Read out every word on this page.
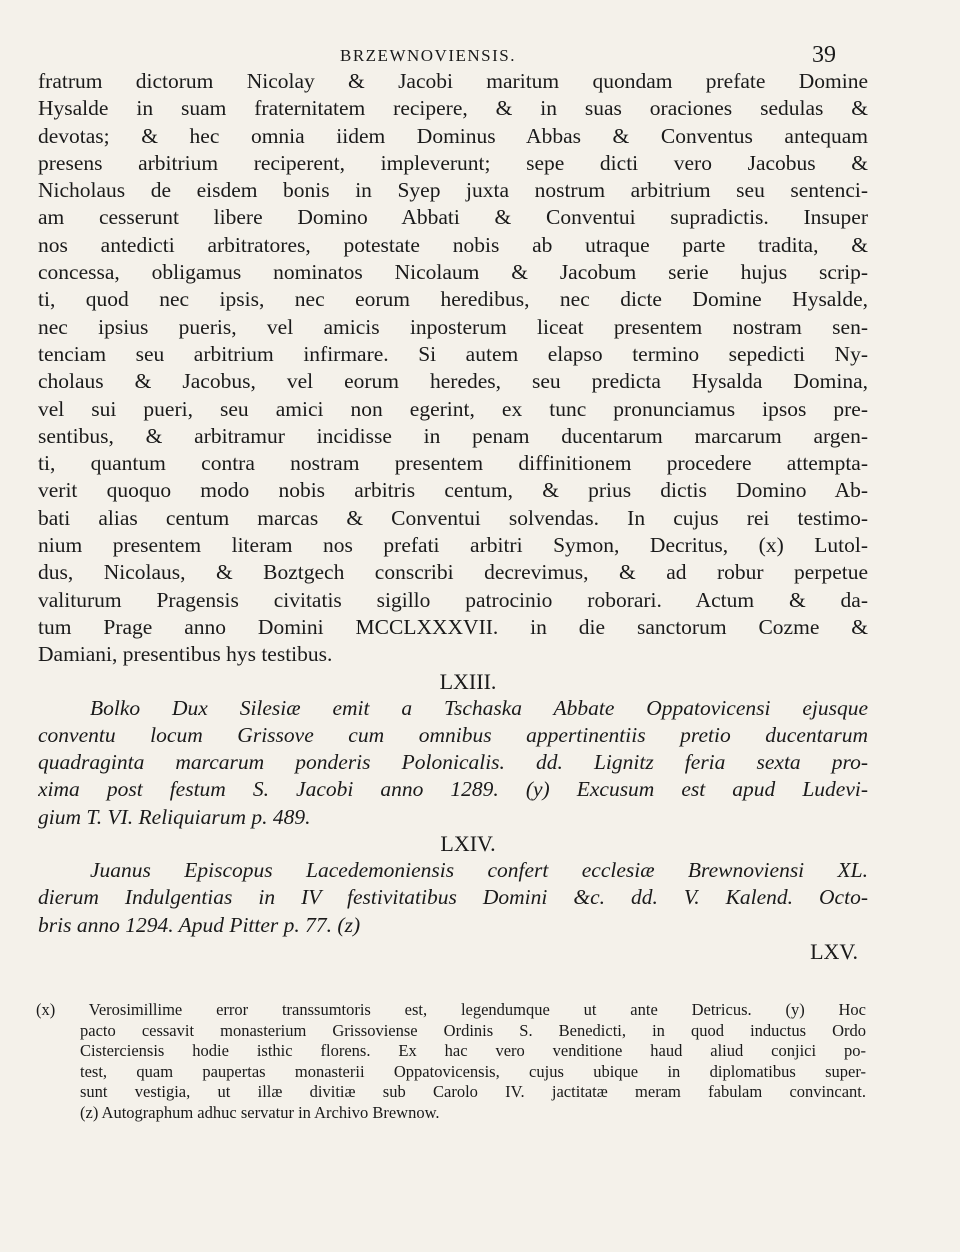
BRZEWNOVIENSIS.	39
fratrum dictorum Nicolay & Jacobi maritum quondam prefate Domine
Hysalde in suam fraternitatem recipere, & in suas oraciones sedulas &
devotas; & hec omnia iidem Dominus Abbas & Conventus antequam
presens arbitrium reciperent, impleverunt; sepe dicti vero Jacobus &
Nicholaus de eisdem bonis in Syep juxta nostrum arbitrium seu sentenci-
am cesserunt libere Domino Abbati & Conventui supradictis. Insuper
nos antedicti arbitratores, potestate nobis ab utraque parte tradita, &
concessa, obligamus nominatos Nicolaum & Jacobum serie hujus scrip-
ti, quod nec ipsis, nec eorum heredibus, nec dicte Domine Hysalde,
nec ipsius pueris, vel amicis inposterum liceat presentem nostram sen-
tenciam seu arbitrium infirmare. Si autem elapso termino sepedicti Ny-
cholaus & Jacobus, vel eorum heredes, seu predicta Hysalda Domina,
vel sui pueri, seu amici non egerint, ex tunc pronunciamus ipsos pre-
sentibus, & arbitramur incidisse in penam ducentarum marcarum argen-
ti, quantum contra nostram presentem diffinitionem procedere attempta-
verit quoquo modo nobis arbitris centum, & prius dictis Domino Ab-
bati alias centum marcas & Conventui solvendas. In cujus rei testimo-
nium presentem literam nos prefati arbitri Symon, Decritus, (x) Lutol-
dus, Nicolaus, & Boztgech conscribi decrevimus, & ad robur perpetue
valiturum Pragensis civitatis sigillo patrocinio roborari. Actum & da-
tum Prage anno Domini MCCLXXXVII. in die sanctorum Cozme &
Damiani, presentibus hys testibus.
LXIII.
Bolko Dux Silesiæ emit a Tschaska Abbate Oppatovicensi ejusque
conventu locum Grissove cum omnibus appertinentiis pretio ducentarum
quadraginta marcarum ponderis Polonicalis. dd. Lignitz feria sexta pro-
xima post festum S. Jacobi anno 1289. (y) Excusum est apud Ludevi-
gium T. VI. Reliquiarum p. 489.
LXIV.
Juanus Episcopus Lacedemoniensis confert ecclesiæ Brewnoviensi XL.
dierum Indulgentias in IV festivitatibus Domini &c. dd. V. Kalend. Octo-
bris anno 1294. Apud Pitter p. 77. (z)
LXV.
(x) Verosimillime error transsumtoris est, legendumque ut ante Detricus. (y) Hoc
pacto cessavit monasterium Grissoviense Ordinis S. Benedicti, in quod inductus Ordo
Cisterciensis hodie isthic florens. Ex hac vero venditione haud aliud conjici po-
test, quam paupertas monasterii Oppatovicensis, cujus ubique in diplomatibus super-
sunt vestigia, ut illæ divitiæ sub Carolo IV. jactitatæ meram fabulam convincant.
(z) Autographum adhuc servatur in Archivo Brewnow.
